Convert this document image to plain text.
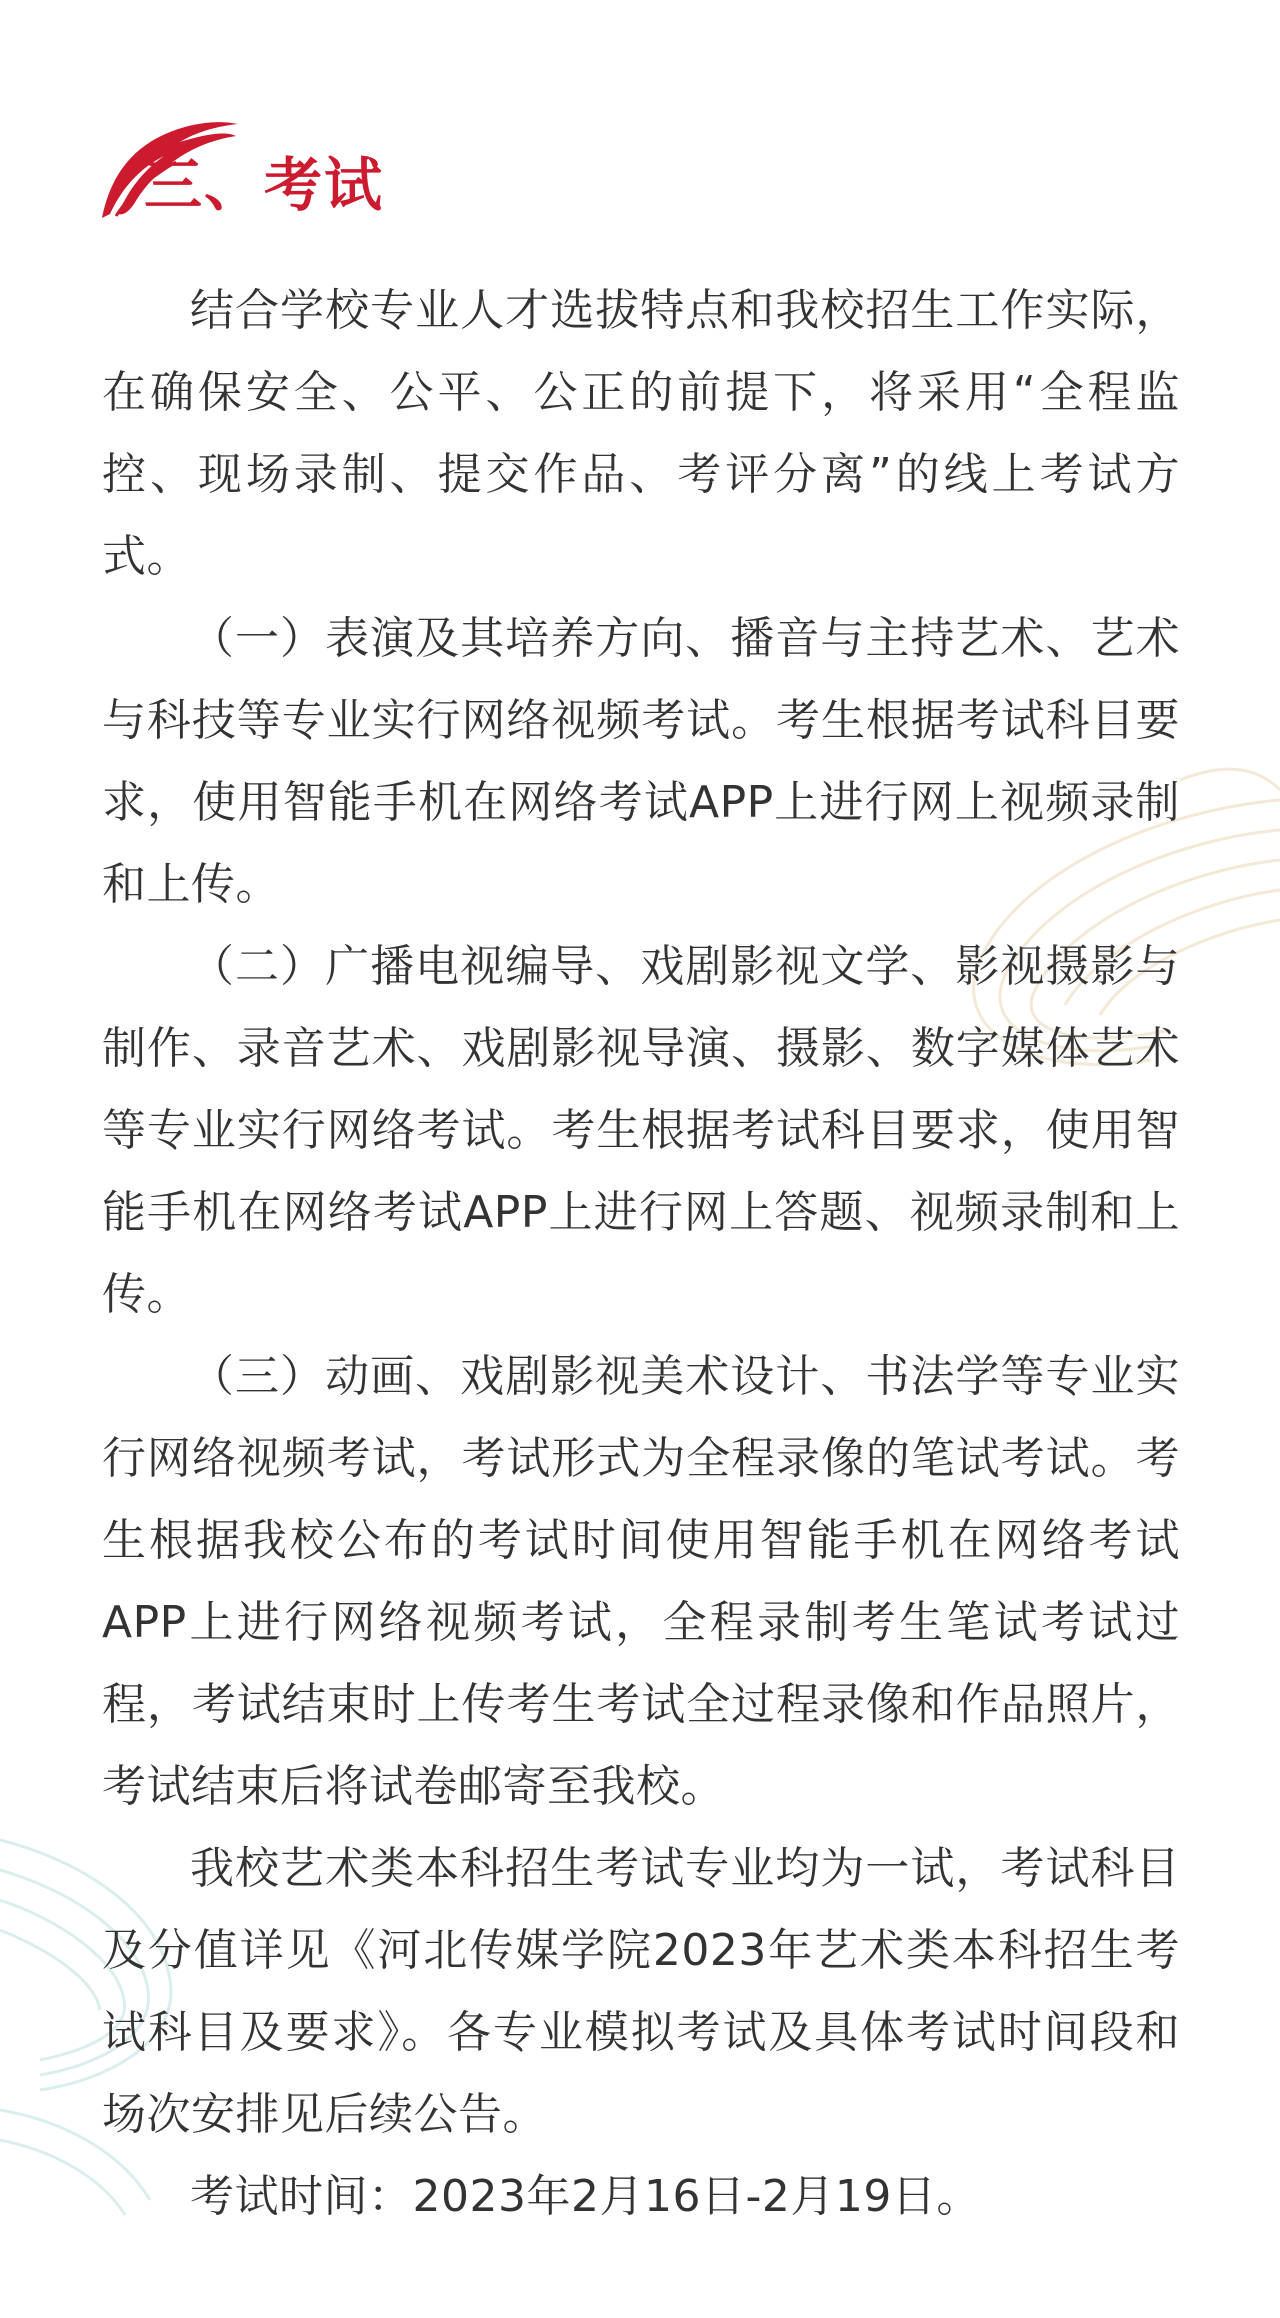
三、考试

结合学校专业人才选拔特点和我校招生工作实际，在确保安全、公平、公正的前提下，将采用“全程监控、现场录制、提交作品、考评分离”的线上考试方式。

（一）表演及其培养方向、播音与主持艺术、艺术与科技等专业实行网络视频考试。考生根据考试科目要求，使用智能手机在网络考试APP上进行网上视频录制和上传。

（二）广播电视编导、戏剧影视文学、影视摄影与制作、录音艺术、戏剧影视导演、摄影、数字媒体艺术等专业实行网络考试。考生根据考试科目要求，使用智能手机在网络考试APP上进行网上答题、视频录制和上传。

（三）动画、戏剧影视美术设计、书法学等专业实行网络视频考试，考试形式为全程录像的笔试考试。考生根据我校公布的考试时间使用智能手机在网络考试APP上进行网络视频考试，全程录制考生笔试考试过程，考试结束时上传考生考试全过程录像和作品照片，考试结束后将试卷邮寄至我校。

我校艺术类本科招生考试专业均为一试，考试科目及分值详见《河北传媒学院2023年艺术类本科招生考试科目及要求》。各专业模拟考试及具体考试时间段和场次安排见后续公告。

考试时间：2023年2月16日-2月19日。
